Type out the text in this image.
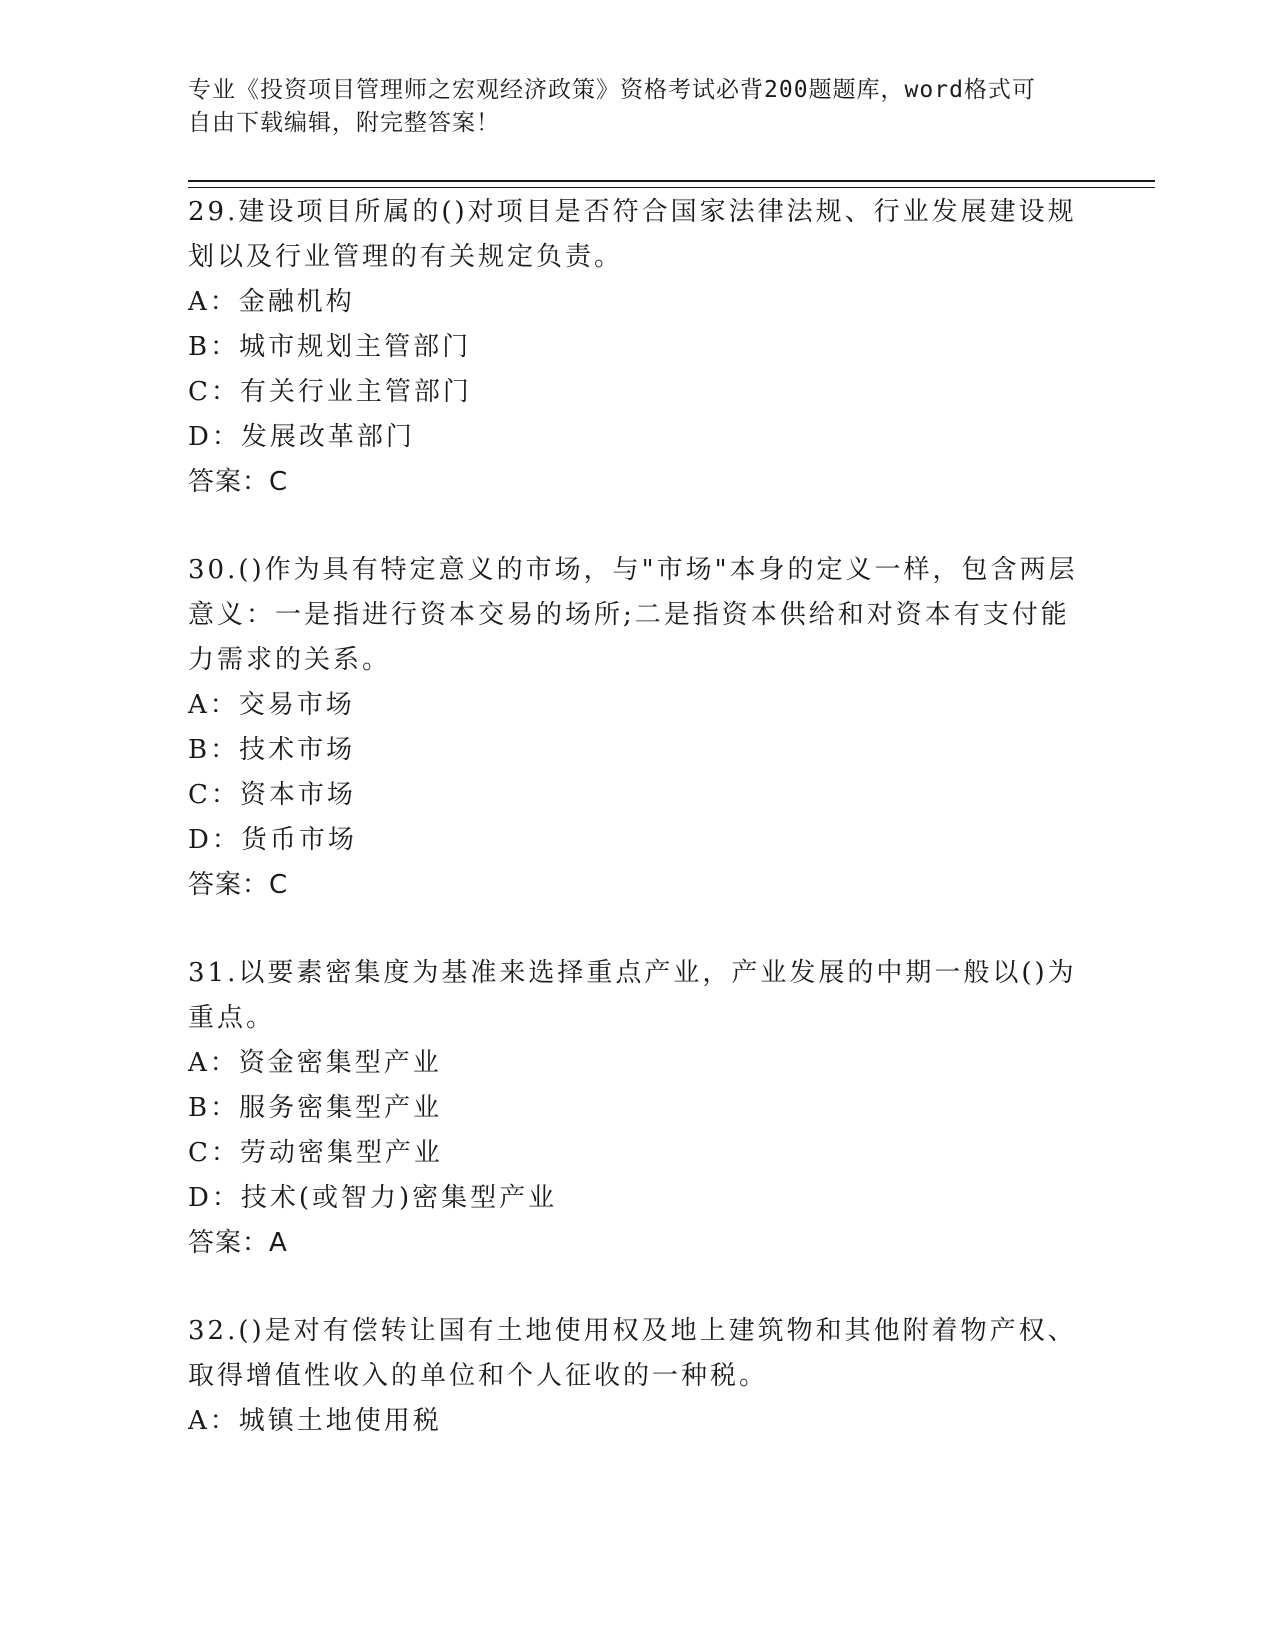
专业《投资项目管理师之宏观经济政策》资格考试必背200题题库，word格式可
自由下载编辑，附完整答案！
29.建设项目所属的()对项目是否符合国家法律法规、行业发展建设规
划以及行业管理的有关规定负责。
A：金融机构
B：城市规划主管部门
C：有关行业主管部门
D：发展改革部门
答案：C
30.()作为具有特定意义的市场，与"市场"本身的定义一样，包含两层
意义：一是指进行资本交易的场所;二是指资本供给和对资本有支付能
力需求的关系。
A：交易市场
B：技术市场
C：资本市场
D：货币市场
答案：C
31.以要素密集度为基准来选择重点产业，产业发展的中期一般以()为
重点。
A：资金密集型产业
B：服务密集型产业
C：劳动密集型产业
D：技术(或智力)密集型产业
答案：A
32.()是对有偿转让国有土地使用权及地上建筑物和其他附着物产权、
取得增值性收入的单位和个人征收的一种税。
A：城镇土地使用税
